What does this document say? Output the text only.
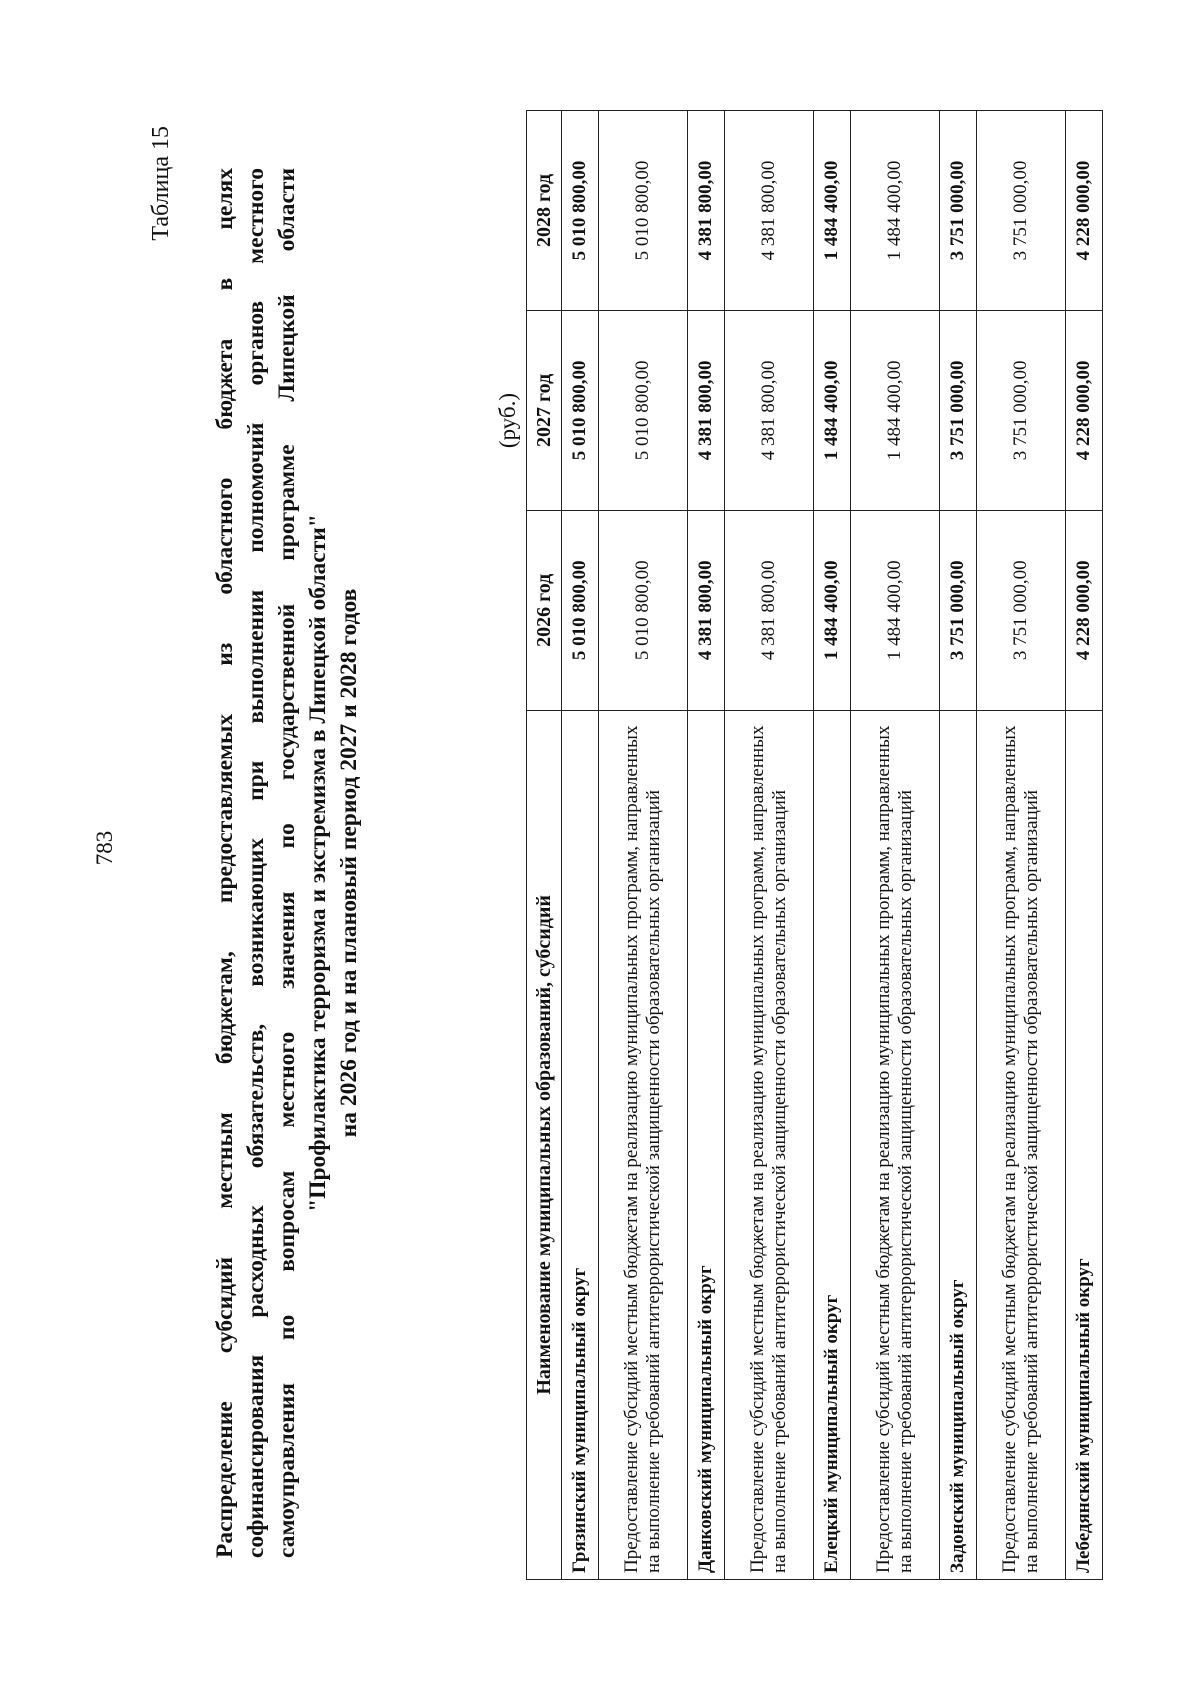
783
Таблица 15 Распределение субсидий местным бюджетам, предоставляемых из областного бюджета в целях софинансирования расходных обязательств, возникающих при выполнении полномочий органов местного самоуправления по вопросам местного значения по государственной программе Липецкой области "Профилактика терроризма и экстремизма в Липецкой области" на 2026 год и на плановый период 2027 и 2028 годов
(руб.)
Наименование муниципальных образований, субсидий	2026 год	2027 год	2028 год
Грязинский муниципальный округ	5 010 800,00	5 010 800,00	5 010 800,00
Предоставление субсидий местным бюджетам на реализацию муниципальных программ, направленных на выполнение требований антитеррористической защищенности образовательных организаций	5 010 800,00	5 010 800,00	5 010 800,00
Данковский муниципальный округ	4 381 800,00	4 381 800,00	4 381 800,00
Предоставление субсидий местным бюджетам на реализацию муниципальных программ, направленных на выполнение требований антитеррористической защищенности образовательных организаций	4 381 800,00	4 381 800,00	4 381 800,00
Елецкий муниципальный округ	1 484 400,00	1 484 400,00	1 484 400,00
Предоставление субсидий местным бюджетам на реализацию муниципальных программ, направленных на выполнение требований антитеррористической защищенности образовательных организаций	1 484 400,00	1 484 400,00	1 484 400,00
Задонский муниципальный округ	3 751 000,00	3 751 000,00	3 751 000,00
Предоставление субсидий местным бюджетам на реализацию муниципальных программ, направленных на выполнение требований антитеррористической защищенности образовательных организаций	3 751 000,00	3 751 000,00	3 751 000,00
Лебедянский муниципальный округ	4 228 000,00	4 228 000,00	4 228 000,00
